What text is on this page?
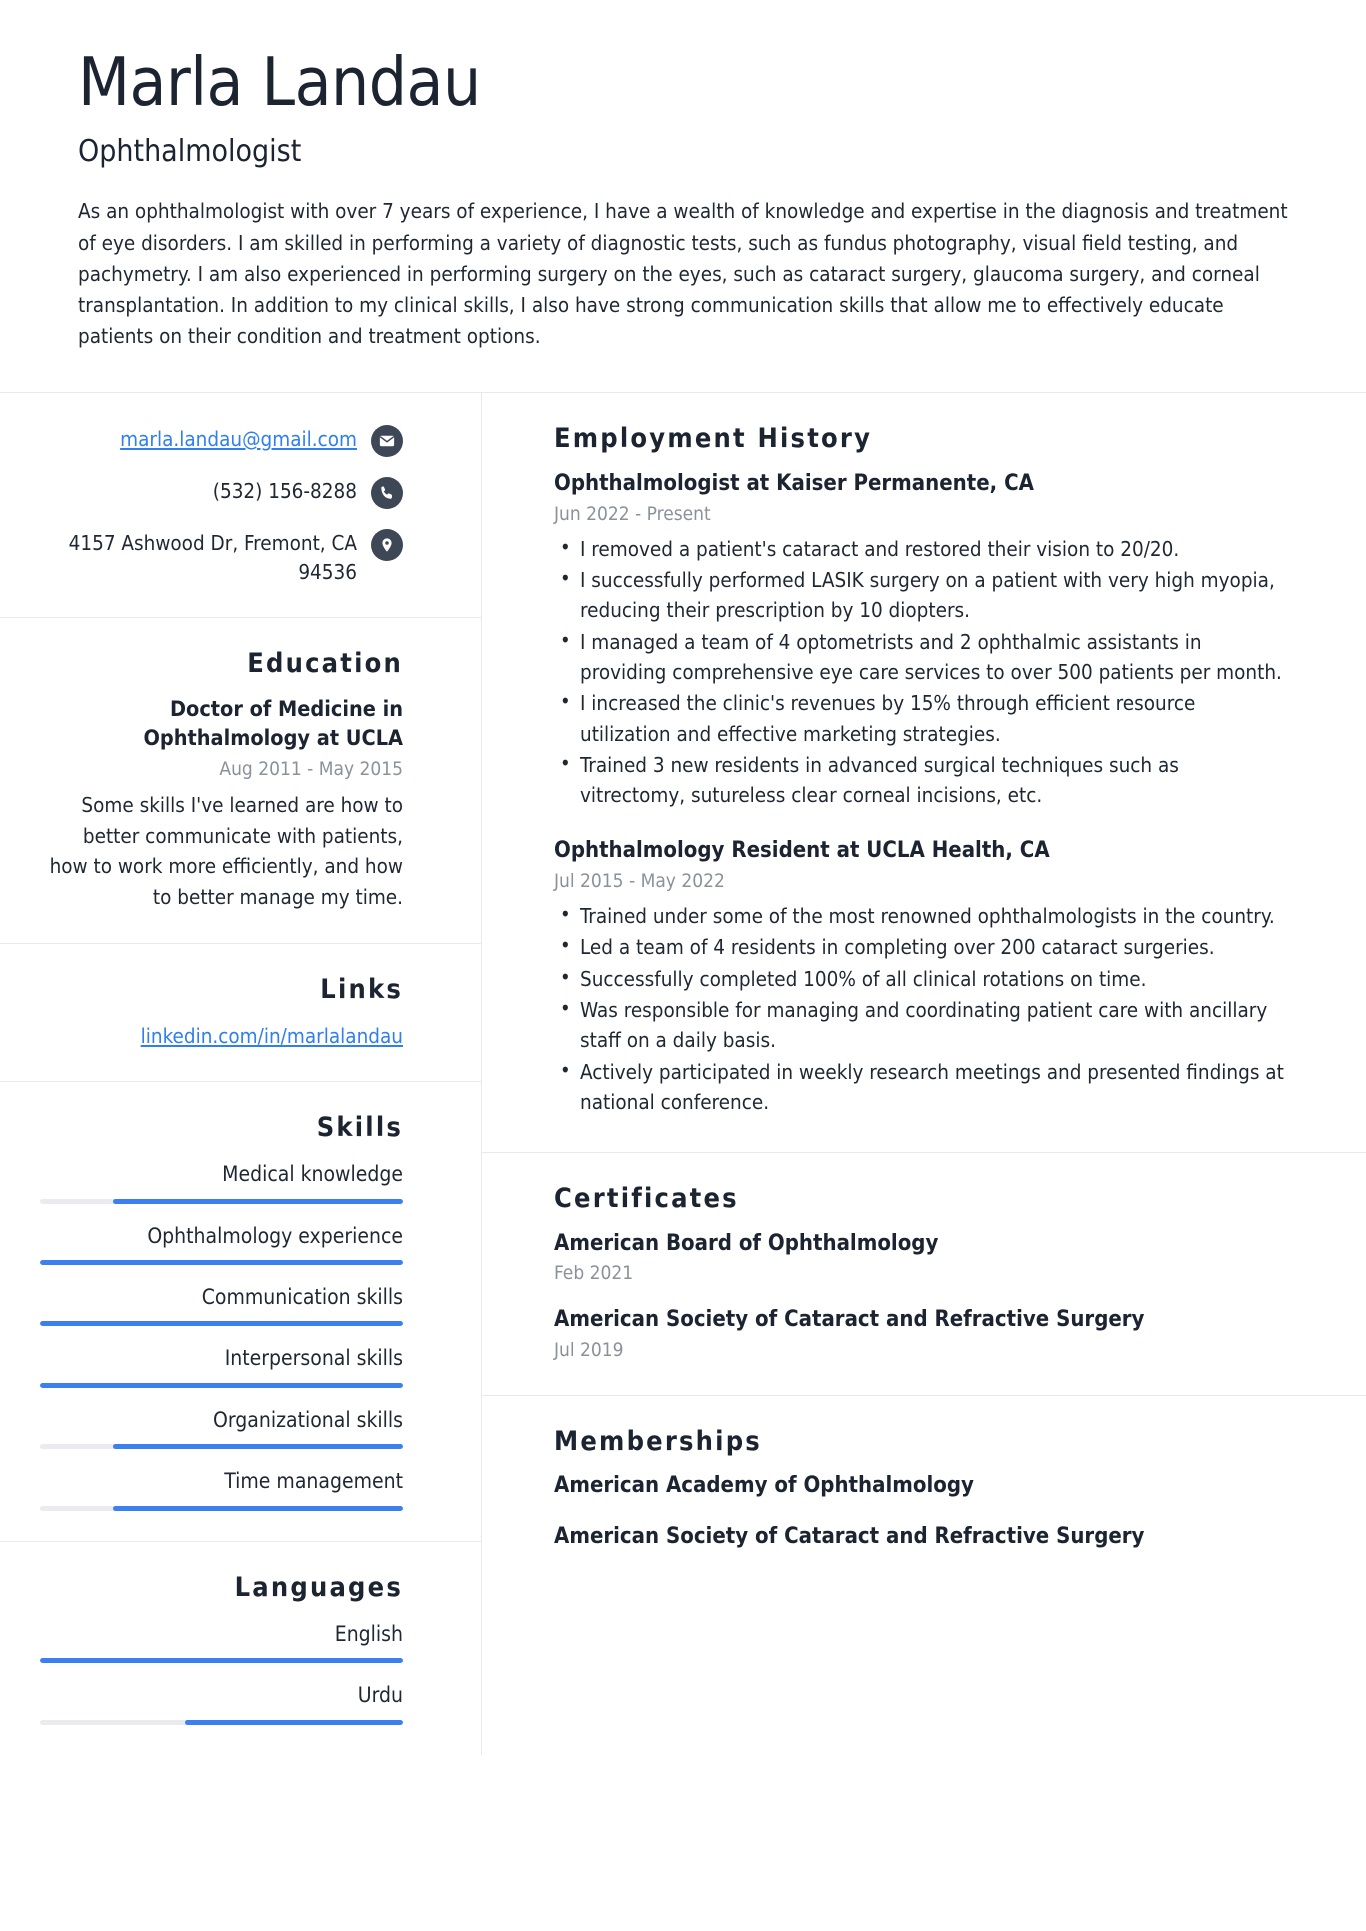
Marla Landau
Ophthalmologist
As an ophthalmologist with over 7 years of experience, I have a wealth of knowledge and expertise in the diagnosis and treatment of eye disorders. I am skilled in performing a variety of diagnostic tests, such as fundus photography, visual field testing, and pachymetry. I am also experienced in performing surgery on the eyes, such as cataract surgery, glaucoma surgery, and corneal transplantation. In addition to my clinical skills, I also have strong communication skills that allow me to effectively educate patients on their condition and treatment options.
marla.landau@gmail.com
(532) 156-8288
4157 Ashwood Dr, Fremont, CA 94536
Education
Doctor of Medicine in Ophthalmology at UCLA
Aug 2011 - May 2015
Some skills I've learned are how to better communicate with patients, how to work more efficiently, and how to better manage my time.
Links
linkedin.com/in/marlalandau
Skills
Medical knowledge
Ophthalmology experience
Communication skills
Interpersonal skills
Organizational skills
Time management
Languages
English
Urdu
Employment History
Ophthalmologist at Kaiser Permanente, CA
Jun 2022 - Present
• I removed a patient's cataract and restored their vision to 20/20.
• I successfully performed LASIK surgery on a patient with very high myopia, reducing their prescription by 10 diopters.
• I managed a team of 4 optometrists and 2 ophthalmic assistants in providing comprehensive eye care services to over 500 patients per month.
• I increased the clinic's revenues by 15% through efficient resource utilization and effective marketing strategies.
• Trained 3 new residents in advanced surgical techniques such as vitrectomy, sutureless clear corneal incisions, etc.
Ophthalmology Resident at UCLA Health, CA
Jul 2015 - May 2022
• Trained under some of the most renowned ophthalmologists in the country.
• Led a team of 4 residents in completing over 200 cataract surgeries.
• Successfully completed 100% of all clinical rotations on time.
• Was responsible for managing and coordinating patient care with ancillary staff on a daily basis.
• Actively participated in weekly research meetings and presented findings at national conference.
Certificates
American Board of Ophthalmology
Feb 2021
American Society of Cataract and Refractive Surgery
Jul 2019
Memberships
American Academy of Ophthalmology
American Society of Cataract and Refractive Surgery
